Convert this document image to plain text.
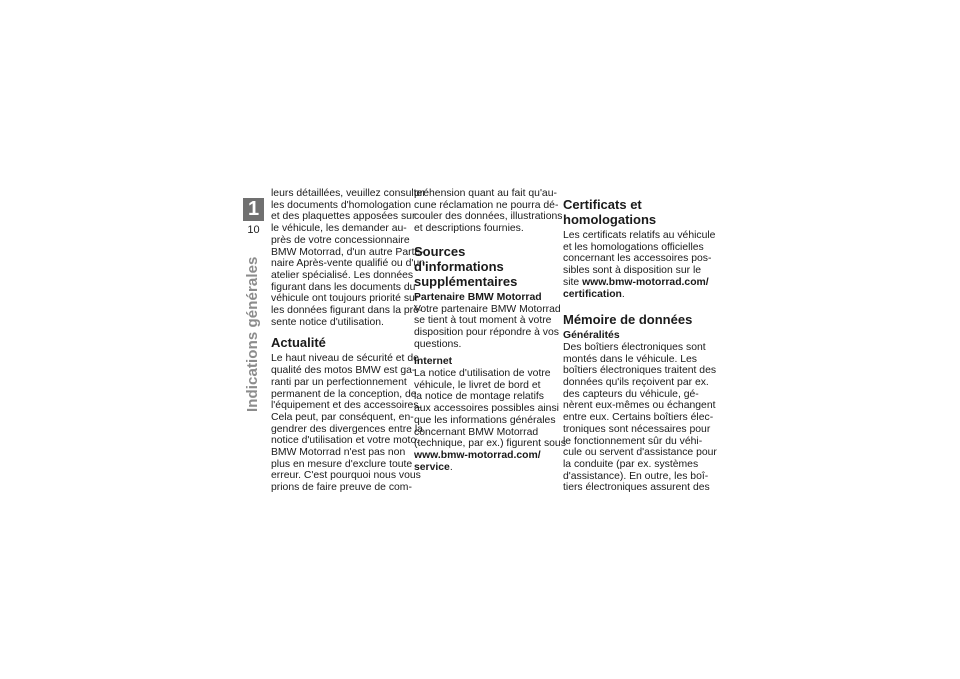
1
10
Indications générales
leurs détaillées, veuillez consulter
les documents d'homologation
et des plaquettes apposées sur
le véhicule, les demander au-
près de votre concessionnaire
BMW Motorrad, d'un autre Parte-
naire Après-vente qualifié ou d'un
atelier spécialisé. Les données
figurant dans les documents du
véhicule ont toujours priorité sur
les données figurant dans la pré-
sente notice d'utilisation.
Actualité
Le haut niveau de sécurité et de
qualité des motos BMW est ga-
ranti par un perfectionnement
permanent de la conception, de
l'équipement et des accessoires.
Cela peut, par conséquent, en-
gendrer des divergences entre la
notice d'utilisation et votre moto.
BMW Motorrad n'est pas non
plus en mesure d'exclure toute
erreur. C'est pourquoi nous vous
prions de faire preuve de com-
préhension quant au fait qu'au-
cune réclamation ne pourra dé-
couler des données, illustrations
et descriptions fournies.
Sources d'informations
supplémentaires
Partenaire BMW Motorrad
Votre partenaire BMW Motorrad
se tient à tout moment à votre
disposition pour répondre à vos
questions.
Internet
La notice d'utilisation de votre
véhicule, le livret de bord et
la notice de montage relatifs
aux accessoires possibles ainsi
que les informations générales
concernant BMW Motorrad
(technique, par ex.) figurent sous
www.bmw-motorrad.com/
service.
Certificats et
homologations
Les certificats relatifs au véhicule
et les homologations officielles
concernant les accessoires pos-
sibles sont à disposition sur le
site www.bmw-motorrad.com/
certification.
Mémoire de données
Généralités
Des boîtiers électroniques sont
montés dans le véhicule. Les
boîtiers électroniques traitent des
données qu'ils reçoivent par ex.
des capteurs du véhicule, gé-
nèrent eux-mêmes ou échangent
entre eux. Certains boîtiers élec-
troniques sont nécessaires pour
le fonctionnement sûr du véhi-
cule ou servent d'assistance pour
la conduite (par ex. systèmes
d'assistance). En outre, les boî-
tiers électroniques assurent des
